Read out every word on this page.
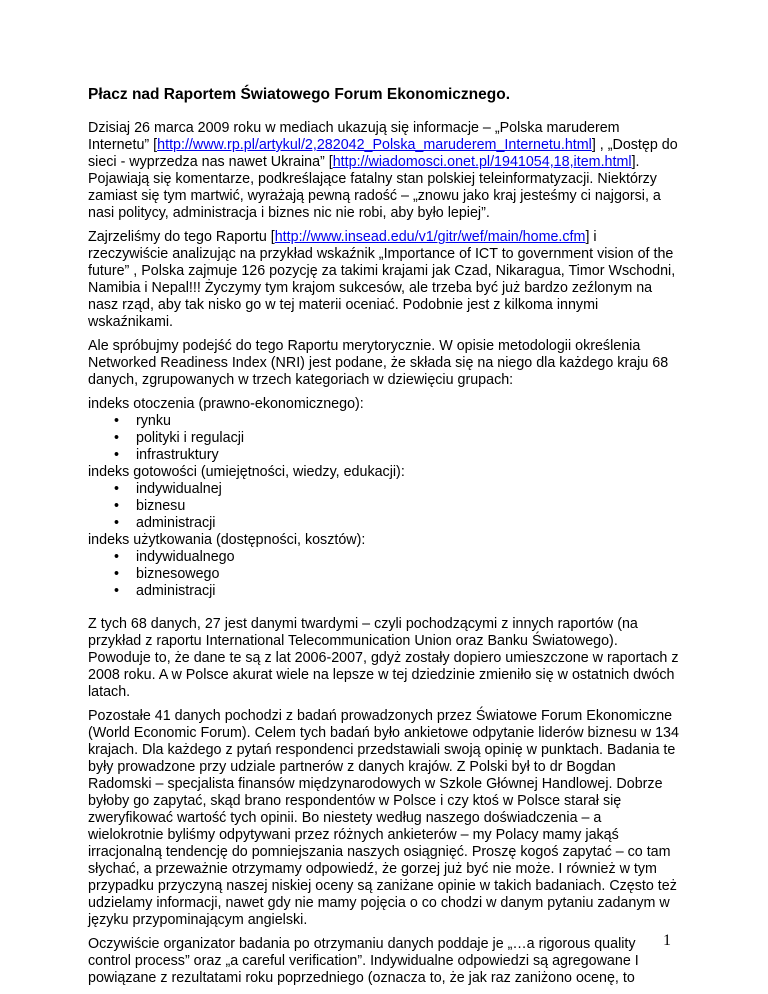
Płacz nad Raportem Światowego Forum Ekonomicznego.

Dzisiaj 26 marca 2009 roku w mediach ukazują się informacje – „Polska maruderem Internetu” [http://www.rp.pl/artykul/2,282042_Polska_maruderem_Internetu.html] , „Dostęp do sieci - wyprzedza nas nawet Ukraina” [http://wiadomosci.onet.pl/1941054,18,item.html]. Pojawiają się komentarze, podkreślające fatalny stan polskiej teleinformatyzacji. Niektórzy zamiast się tym martwić, wyrażają pewną radość – „znowu jako kraj jesteśmy ci najgorsi, a nasi politycy, administracja i biznes nic nie robi, aby było lepiej”.

Zajrzeliśmy do tego Raportu [http://www.insead.edu/v1/gitr/wef/main/home.cfm] i rzeczywiście analizując na przykład wskaźnik „Importance of ICT to government vision of the future” , Polska zajmuje 126 pozycję za takimi krajami jak Czad, Nikaragua, Timor Wschodni, Namibia i Nepal!!! Życzymy tym krajom sukcesów, ale trzeba być już bardzo zeźlonym na nasz rząd, aby tak nisko go w tej materii oceniać. Podobnie jest z kilkoma innymi wskaźnikami.

Ale spróbujmy podejść do tego Raportu merytorycznie. W opisie metodologii określenia Networked Readiness Index (NRI) jest podane, że składa się na niego dla każdego kraju 68 danych, zgrupowanych w trzech kategoriach w dziewięciu grupach:

indeks otoczenia (prawno-ekonomicznego):
• rynku
• polityki i regulacji
• infrastruktury
indeks gotowości (umiejętności, wiedzy, edukacji):
• indywidualnej
• biznesu
• administracji
indeks użytkowania (dostępności, kosztów):
• indywidualnego
• biznesowego
• administracji

Z tych 68 danych, 27 jest danymi twardymi – czyli pochodzącymi z innych raportów (na przykład z raportu International Telecommunication Union oraz Banku Światowego). Powoduje to, że dane te są z lat 2006-2007, gdyż zostały dopiero umieszczone w raportach z 2008 roku. A w Polsce akurat wiele na lepsze w tej dziedzinie zmieniło się w ostatnich dwóch latach.

Pozostałe 41 danych pochodzi z badań prowadzonych przez Światowe Forum Ekonomiczne (World Economic Forum). Celem tych badań było ankietowe odpytanie liderów biznesu w 134 krajach. Dla każdego z pytań respondenci przedstawiali swoją opinię w punktach. Badania te były prowadzone przy udziale partnerów z danych krajów. Z Polski był to dr Bogdan Radomski – specjalista finansów międzynarodowych w Szkole Głównej Handlowej. Dobrze byłoby go zapytać, skąd brano respondentów w Polsce i czy ktoś w Polsce starał się zweryfikować wartość tych opinii. Bo niestety według naszego doświadczenia – a wielokrotnie byliśmy odpytywani przez różnych ankieterów – my Polacy mamy jakąś irracjonalną tendencję do pomniejszania naszych osiągnięć. Proszę kogoś zapytać – co tam słychać, a przeważnie otrzymamy odpowiedź, że gorzej już być nie może. I również w tym przypadku przyczyną naszej niskiej oceny są zaniżane opinie w takich badaniach. Często też udzielamy informacji, nawet gdy nie mamy pojęcia o co chodzi w danym pytaniu zadanym w języku przypominającym angielski.

Oczywiście organizator badania po otrzymaniu danych poddaje je „…a rigorous quality control process” oraz „a careful verification”. Indywidualne odpowiedzi są agregowane I powiązane z rezultatami roku poprzedniego (oznacza to, że jak raz zaniżono ocenę, to

1
